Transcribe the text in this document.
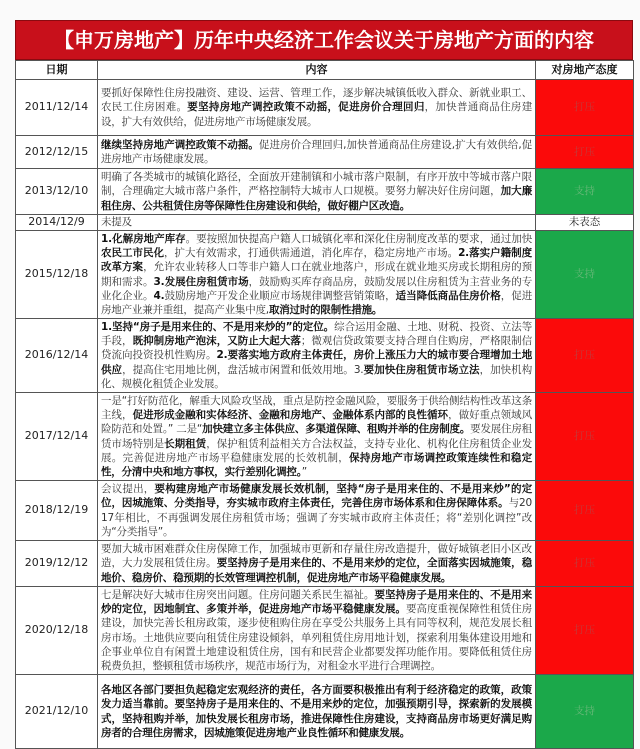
【申万房地产】历年中央经济工作会议关于房地产方面的内容
日期	内容	对房地产态度
2011/12/14	要抓好保障性住房投融资、建设、运营、管理工作，逐步解决城镇低收入群众、新就业职工、农民工住房困难。要坚持房地产调控政策不动摇，促进房价合理回归，加快普通商品住房建设，扩大有效供给，促进房地产市场健康发展。	打压
2012/12/15	继续坚持房地产调控政策不动摇。促进房价合理回归,加快普通商品住房建设,扩大有效供给,促进房地产市场健康发展。	打压
2013/12/10	明确了各类城市的城镇化路径，全面放开建制镇和小城市落户限制，有序开放中等城市落户限制，合理确定大城市落户条件，严格控制特大城市人口规模。要努力解决好住房问题，加大廉租住房、公共租赁住房等保障性住房建设和供给，做好棚户区改造。	支持
2014/12/9	未提及	未表态
2015/12/18	1.化解房地产库存。要按照加快提高户籍人口城镇化率和深化住房制度改革的要求，通过加快农民工市民化，扩大有效需求，打通供需通道，消化库存，稳定房地产市场。2.落实户籍制度改革方案，允许农业转移人口等非户籍人口在就业地落户，形成在就业地买房或长期租房的预期和需求。3.发展住房租赁市场，鼓励购买库存商品房，鼓励发展以住房租赁为主营业务的专业化企业。4.鼓励房地产开发企业顺应市场规律调整营销策略，适当降低商品住房价格，促进房地产业兼并重组，提高产业集中度,取消过时的限制性措施。	支持
2016/12/14	1.坚持“房子是用来住的、不是用来炒的”的定位。综合运用金融、土地、财税、投资、立法等手段，既抑制房地产泡沫，又防止大起大落；微观信贷政策要支持合理自住购房，严格限制信贷流向投资投机性购房。2.要落实地方政府主体责任，房价上涨压力大的城市要合理增加土地供应，提高住宅用地比例，盘活城市闲置和低效用地。3.要加快住房租赁市场立法，加快机构化、规模化租赁企业发展。	打压
2017/12/14	一是“打好防范化，解重大风险攻坚战，重点是防控金融风险，要服务于供给侧结构性改革这条主线，促进形成金融和实体经济、金融和房地产、金融体系内部的良性循环，做好重点领域风险防范和处置。” 二是“加快建立多主体供应、多渠道保障、租购并举的住房制度。要发展住房租赁市场特别是长期租赁，保护租赁利益相关方合法权益，支持专业化、机构化住房租赁企业发展。完善促进房地产市场平稳健康发展的长效机制，保持房地产市场调控政策连续性和稳定性，分清中央和地方事权，实行差别化调控。”	打压
2018/12/19	会议提出，要构建房地产市场健康发展长效机制，坚持“房子是用来住的、不是用来炒”的定位，因城施策、分类指导，夯实城市政府主体责任，完善住房市场体系和住房保障体系。与2017年相比，不再强调发展住房租赁市场；强调了夯实城市政府主体责任；将“差别化调控”改为“分类指导”。	打压
2019/12/12	要加大城市困难群众住房保障工作，加强城市更新和存量住房改造提升，做好城镇老旧小区改造，大力发展租赁住房。要坚持房子是用来住的、不是用来炒的定位，全面落实因城施策，稳地价、稳房价、稳预期的长效管理调控机制，促进房地产市场平稳健康发展。	打压
2020/12/18	七是解决好大城市住房突出问题。住房问题关系民生福祉。要坚持房子是用来住的、不是用来炒的定位，因地制宜、多策并举，促进房地产市场平稳健康发展。要高度重视保障性租赁住房建设，加快完善长租房政策，逐步使租购住房在享受公共服务上具有同等权利，规范发展长租房市场。土地供应要向租赁住房建设倾斜，单列租赁住房用地计划，探索利用集体建设用地和企事业单位自有闲置土地建设租赁住房，国有和民营企业都要发挥功能作用。要降低租赁住房税费负担，整顿租赁市场秩序，规范市场行为，对租金水平进行合理调控。	打压
2021/12/10	各地区各部门要担负起稳定宏观经济的责任，各方面要积极推出有利于经济稳定的政策，政策发力适当靠前。要坚持房子是用来住的、不是用来炒的定位，加强预期引导，探索新的发展模式，坚持租购并举，加快发展长租房市场，推进保障性住房建设，支持商品房市场更好满足购房者的合理住房需求，因城施策促进房地产业良性循环和健康发展。	支持
